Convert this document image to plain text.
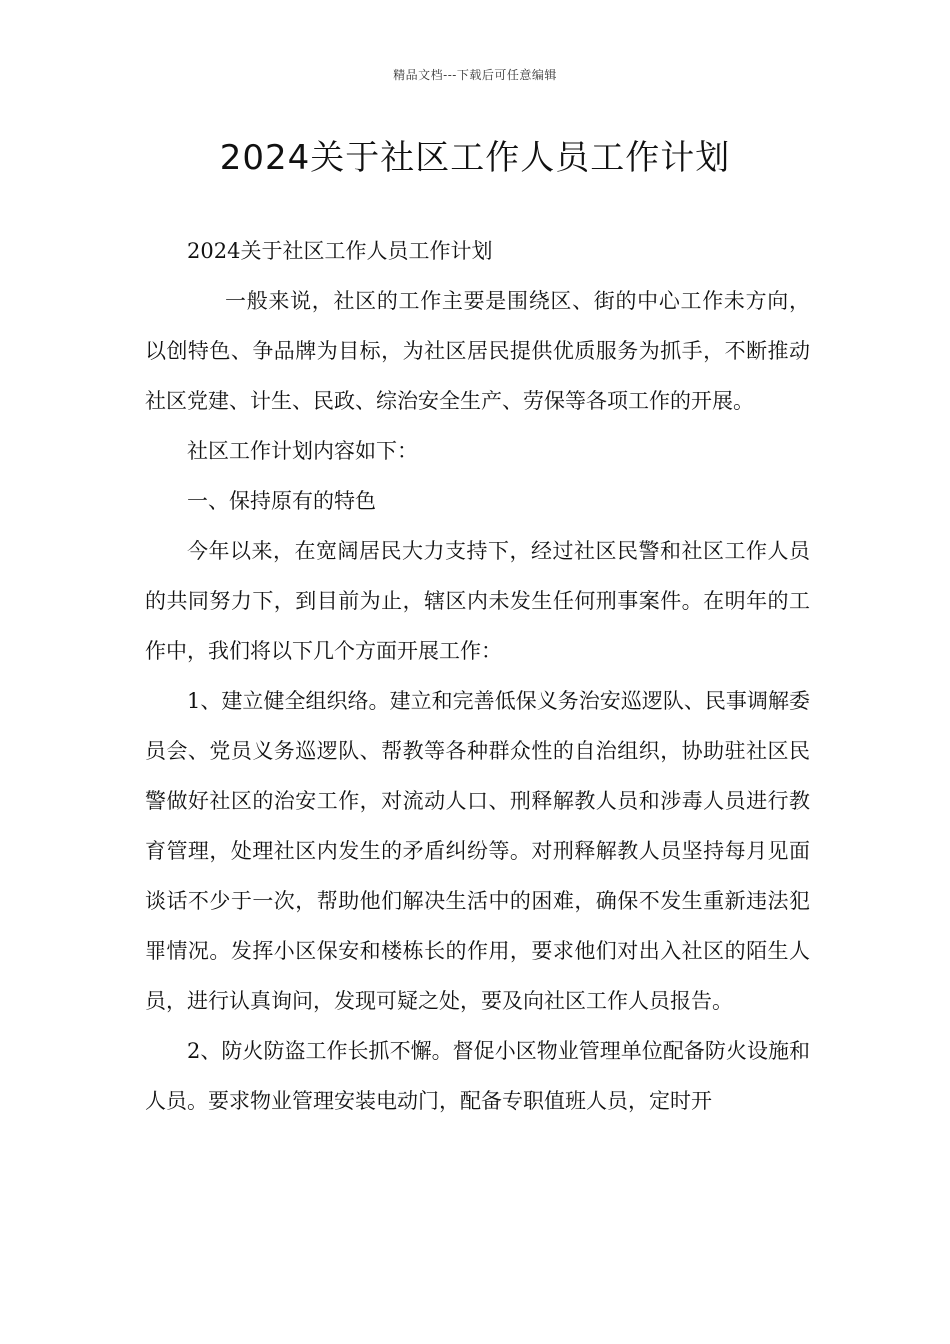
精品文档---下载后可任意编辑
2024关于社区工作人员工作计划

2024关于社区工作人员工作计划

一般来说，社区的工作主要是围绕区、街的中心工作未方向，以创特色、争品牌为目标，为社区居民提供优质服务为抓手，不断推动社区党建、计生、民政、综治安全生产、劳保等各项工作的开展。

社区工作计划内容如下：

一、保持原有的特色

今年以来，在宽阔居民大力支持下，经过社区民警和社区工作人员的共同努力下，到目前为止，辖区内未发生任何刑事案件。在明年的工作中，我们将以下几个方面开展工作：

1、建立健全组织络。建立和完善低保义务治安巡逻队、民事调解委员会、党员义务巡逻队、帮教等各种群众性的自治组织，协助驻社区民警做好社区的治安工作，对流动人口、刑释解教人员和涉毒人员进行教育管理，处理社区内发生的矛盾纠纷等。对刑释解教人员坚持每月见面谈话不少于一次，帮助他们解决生活中的困难，确保不发生重新违法犯罪情况。发挥小区保安和楼栋长的作用，要求他们对出入社区的陌生人员，进行认真询问，发现可疑之处，要及向社区工作人员报告。

2、防火防盗工作长抓不懈。督促小区物业管理单位配备防火设施和人员。要求物业管理安装电动门，配备专职值班人员，定时开
